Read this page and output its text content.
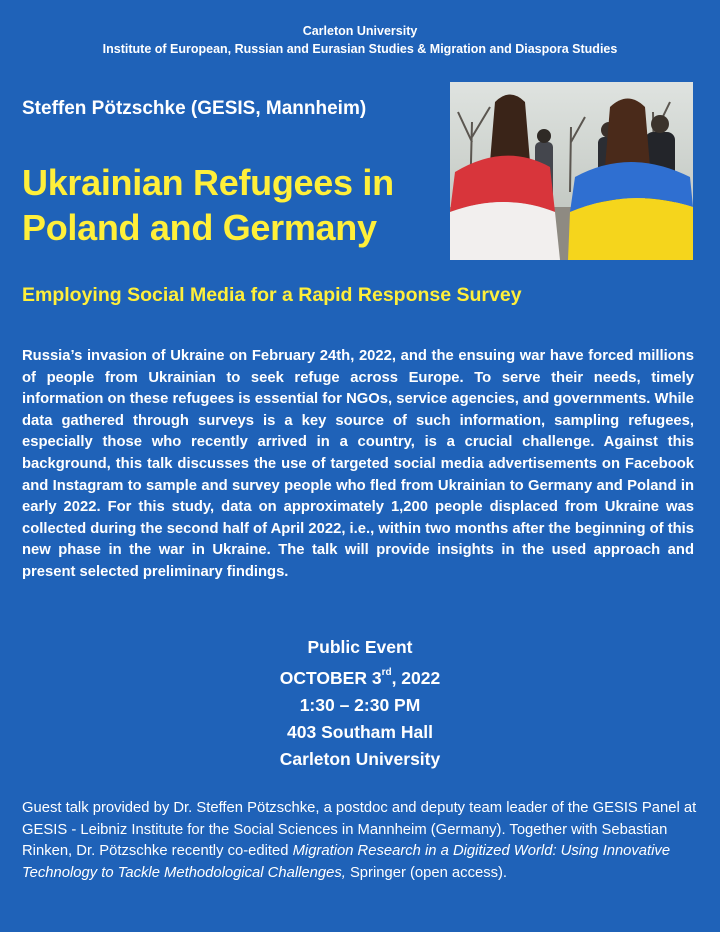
Carleton University
Institute of European, Russian and Eurasian Studies & Migration and Diaspora Studies
Steffen Pötzschke (GESIS, Mannheim)
Ukrainian Refugees in
Poland and Germany
Employing Social Media for a Rapid Response Survey
Russia’s invasion of Ukraine on February 24th, 2022, and the ensuing war have forced millions of people from Ukrainian to seek refuge across Europe. To serve their needs, timely information on these refugees is essential for NGOs, service agencies, and governments. While data gathered through surveys is a key source of such information, sampling refugees, especially those who recently arrived in a country, is a crucial challenge. Against this background, this talk discusses the use of targeted social media advertisements on Facebook and Instagram to sample and survey people who fled from Ukrainian to Germany and Poland in early 2022. For this study, data on approximately 1,200 people displaced from Ukraine was collected during the second half of April 2022, i.e., within two months after the beginning of this new phase in the war in Ukraine. The talk will provide insights in the used approach and present selected preliminary findings.
Public Event
OCTOBER 3rd, 2022
1:30 – 2:30 PM
403 Southam Hall
Carleton University
Guest talk provided by Dr. Steffen Pötzschke, a postdoc and deputy team leader of the GESIS Panel at GESIS - Leibniz Institute for the Social Sciences in Mannheim (Germany). Together with Sebastian Rinken, Dr. Pötzschke recently co-edited Migration Research in a Digitized World: Using Innovative Technology to Tackle Methodological Challenges, Springer (open access).
